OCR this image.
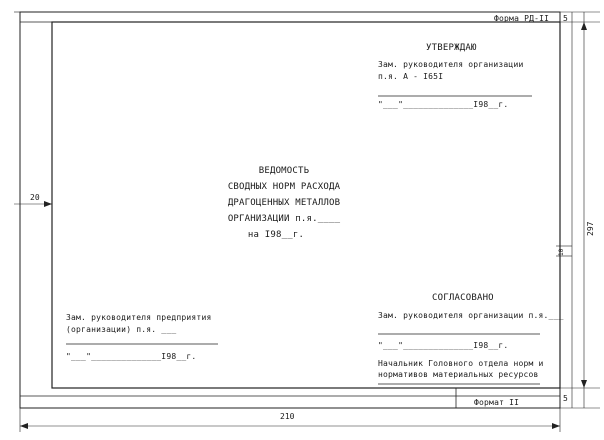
Форма РД-II 5
УТВЕРЖДАЮ
Зам. руководителя организации
п.я. А - I65I
"___"______________I98__г.
ВЕДОМОСТЬ
СВОДНЫХ НОРМ РАСХОДА
ДРАГОЦЕННЫХ МЕТАЛЛОВ
ОРГАНИЗАЦИИ п.я.____
на I98__г.
СОГЛАСОВАНО
Зам. руководителя организации п.я.___
"___"______________I98__г.
Начальник Головного отдела норм и
нормативов материальных ресурсов
Зам. руководителя предприятия
(организации) п.я. ___
"___"______________I98__г.
Формат II	5
20
210
297
10
